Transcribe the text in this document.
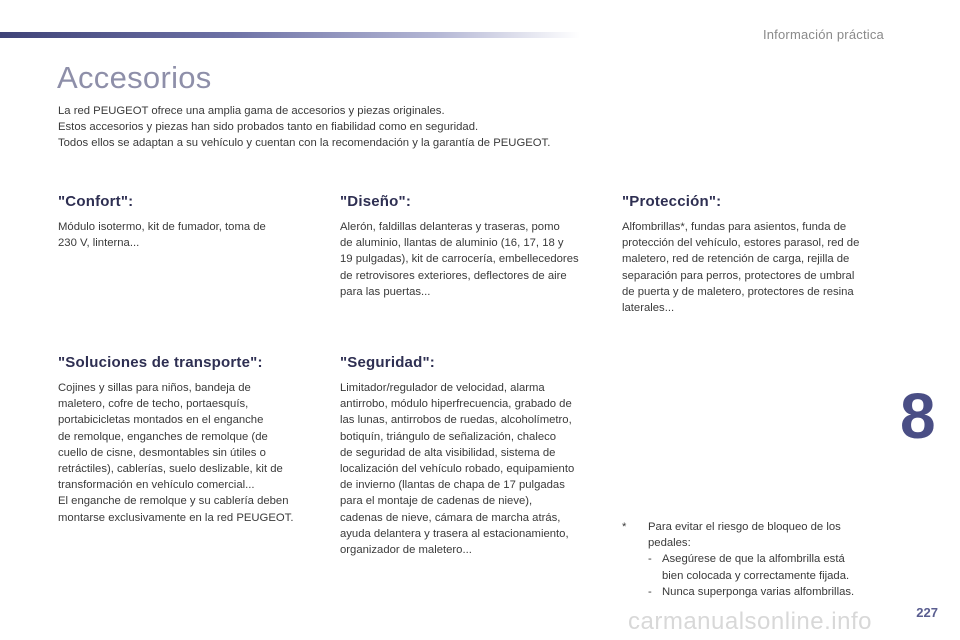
Información práctica
Accesorios
La red PEUGEOT ofrece una amplia gama de accesorios y piezas originales.
Estos accesorios y piezas han sido probados tanto en fiabilidad como en seguridad.
Todos ellos se adaptan a su vehículo y cuentan con la recomendación y la garantía de PEUGEOT.
"Confort":

Módulo isotermo, kit de fumador, toma de
230 V, linterna...

"Diseño":

Alerón, faldillas delanteras y traseras, pomo
de aluminio, llantas de aluminio (16, 17, 18 y
19 pulgadas), kit de carrocería, embellecedores
de retrovisores exteriores, deflectores de aire
para las puertas...

"Protección":

Alfombrillas*, fundas para asientos, funda de
protección del vehículo, estores parasol, red de
maletero, red de retención de carga, rejilla de
separación para perros, protectores de umbral
de puerta y de maletero, protectores de resina
laterales...

"Soluciones de transporte":

Cojines y sillas para niños, bandeja de
maletero, cofre de techo, portaesquís,
portabicicletas montados en el enganche
de remolque, enganches de remolque (de
cuello de cisne, desmontables sin útiles o
retráctiles), cablerías, suelo deslizable, kit de
transformación en vehículo comercial...
El enganche de remolque y su cablería deben
montarse exclusivamente en la red PEUGEOT.

"Seguridad":

Limitador/regulador de velocidad, alarma
antirrobo, módulo hiperfrecuencia, grabado de
las lunas, antirrobos de ruedas, alcoholímetro,
botiquín, triángulo de señalización, chaleco
de seguridad de alta visibilidad, sistema de
localización del vehículo robado, equipamiento
de invierno (llantas de chapa de 17 pulgadas
para el montaje de cadenas de nieve),
cadenas de nieve, cámara de marcha atrás,
ayuda delantera y trasera al estacionamiento,
organizador de maletero...

8
* Para evitar el riesgo de bloqueo de los
pedales:
- Asegúrese de que la alfombrilla está
bien colocada y correctamente fijada.
- Nunca superponga varias alfombrillas.
carmanualsonline.info	227
